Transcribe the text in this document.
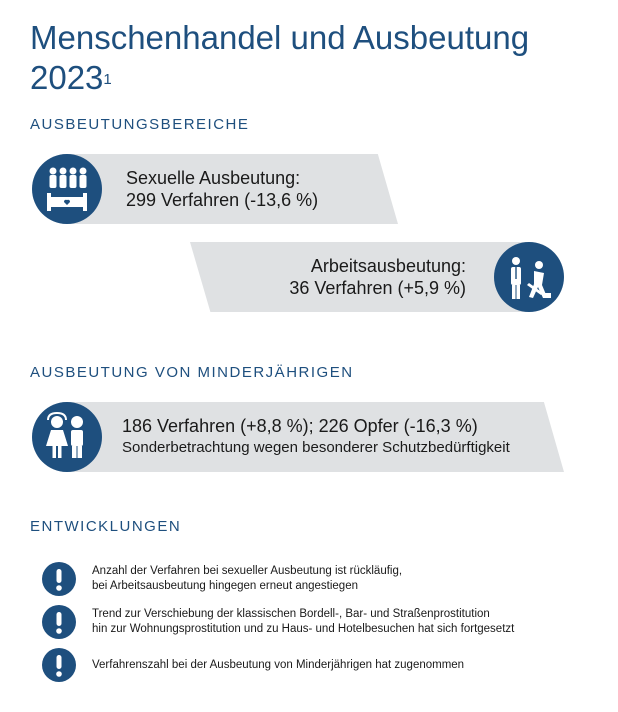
Menschenhandel und Ausbeutung
2023$^1$
AUSBEUTUNGSBEREICHE
Sexuelle Ausbeutung:
299 Verfahren (-13,6 %)
Arbeitsausbeutung:
36 Verfahren (+5,9 %)
AUSBEUTUNG VON MINDERJÄHRIGEN
186 Verfahren (+8,8 %); 226 Opfer (-16,3 %)
Sonderbetrachtung wegen besonderer Schutzbedürftigkeit
ENTWICKLUNGEN
Anzahl der Verfahren bei sexueller Ausbeutung ist rückläufig,
bei Arbeitsausbeutung hingegen erneut angestiegen
Trend zur Verschiebung der klassischen Bordell-, Bar- und Straßenprostitution
hin zur Wohnungsprostitution und zu Haus- und Hotelbesuchen hat sich fortgesetzt
Verfahrenszahl bei der Ausbeutung von Minderjährigen hat zugenommen
